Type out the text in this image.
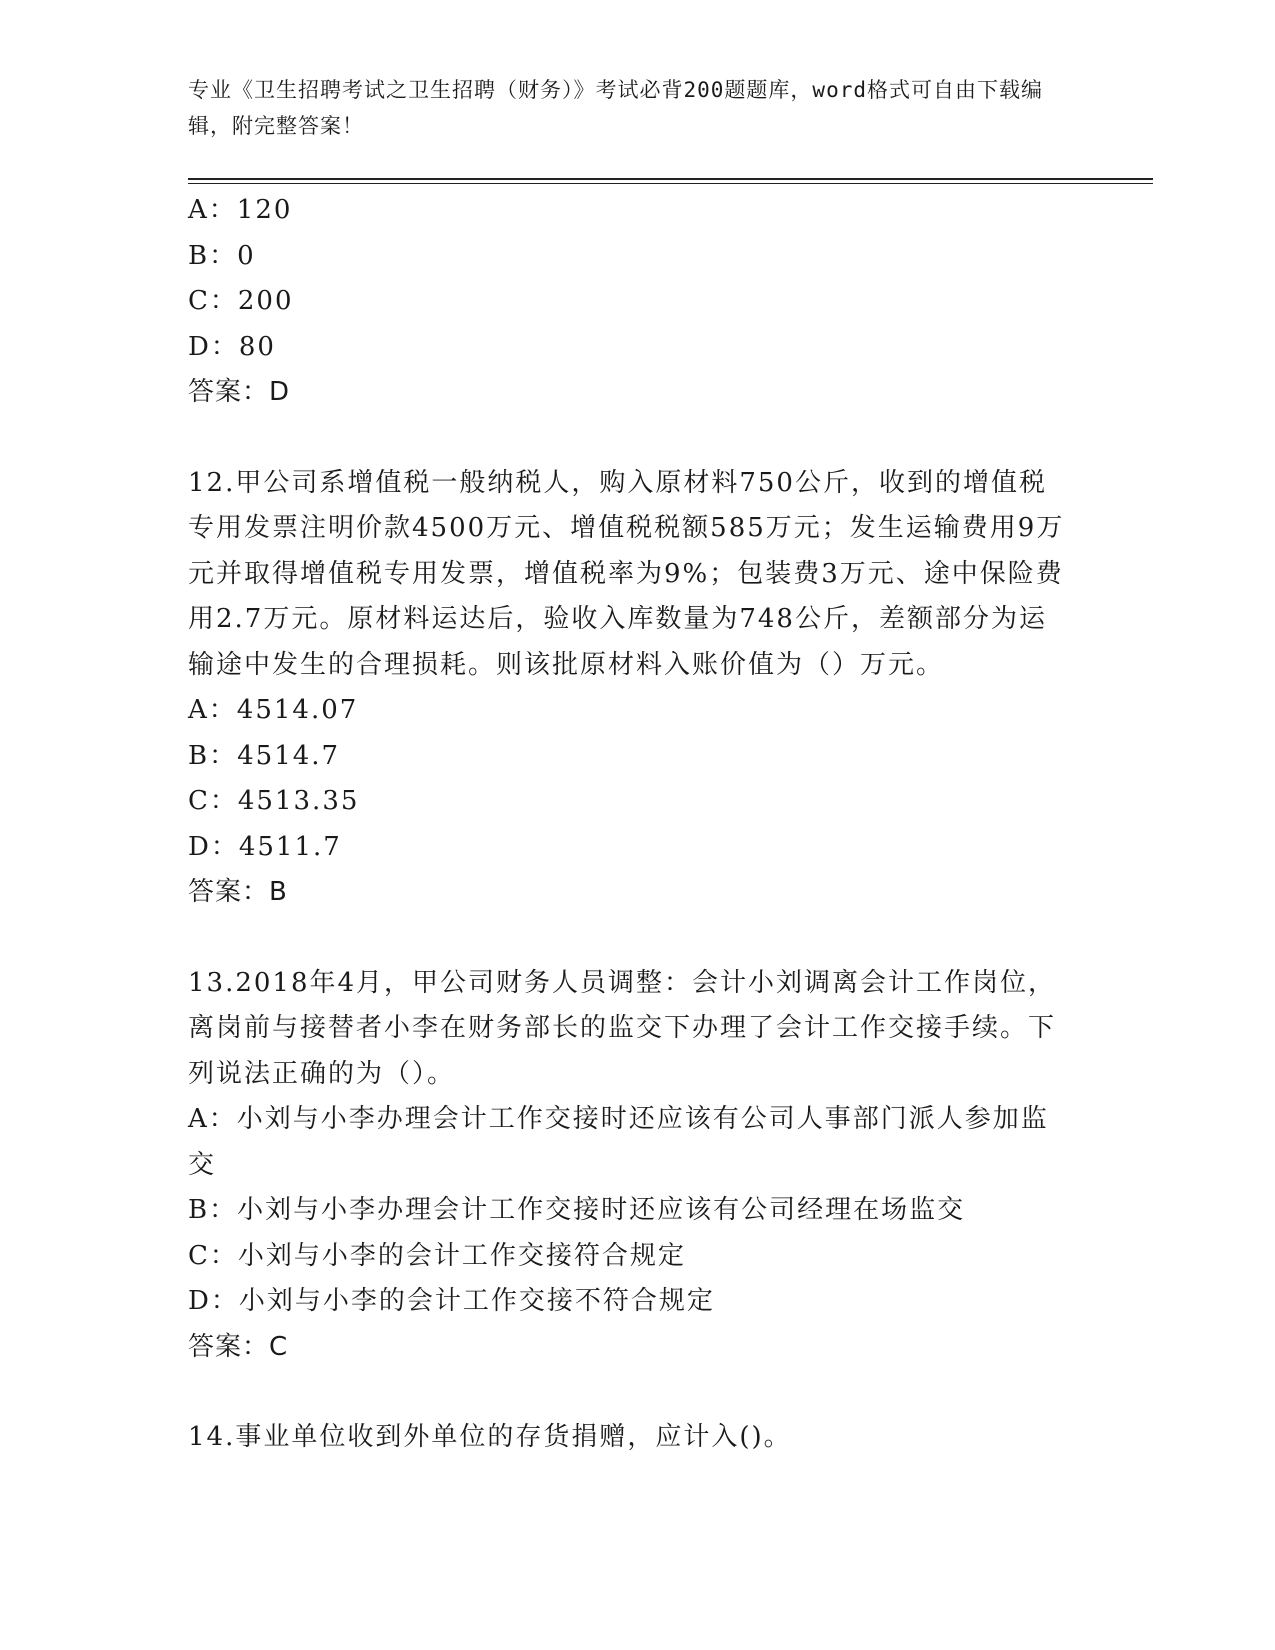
专业《卫生招聘考试之卫生招聘（财务）》考试必背200题题库，word格式可自由下载编辑，附完整答案！
A：120
B：0
C：200
D：80
答案：D
12.甲公司系增值税一般纳税人，购入原材料750公斤，收到的增值税专用发票注明价款4500万元、增值税税额585万元；发生运输费用9万元并取得增值税专用发票，增值税率为9%；包装费3万元、途中保险费用2.7万元。原材料运达后，验收入库数量为748公斤，差额部分为运输途中发生的合理损耗。则该批原材料入账价值为（）万元。
A：4514.07
B：4514.7
C：4513.35
D：4511.7
答案：B
13.2018年4月，甲公司财务人员调整：会计小刘调离会计工作岗位，离岗前与接替者小李在财务部长的监交下办理了会计工作交接手续。下列说法正确的为（）。
A：小刘与小李办理会计工作交接时还应该有公司人事部门派人参加监交
B：小刘与小李办理会计工作交接时还应该有公司经理在场监交
C：小刘与小李的会计工作交接符合规定
D：小刘与小李的会计工作交接不符合规定
答案：C
14.事业单位收到外单位的存货捐赠，应计入()。
